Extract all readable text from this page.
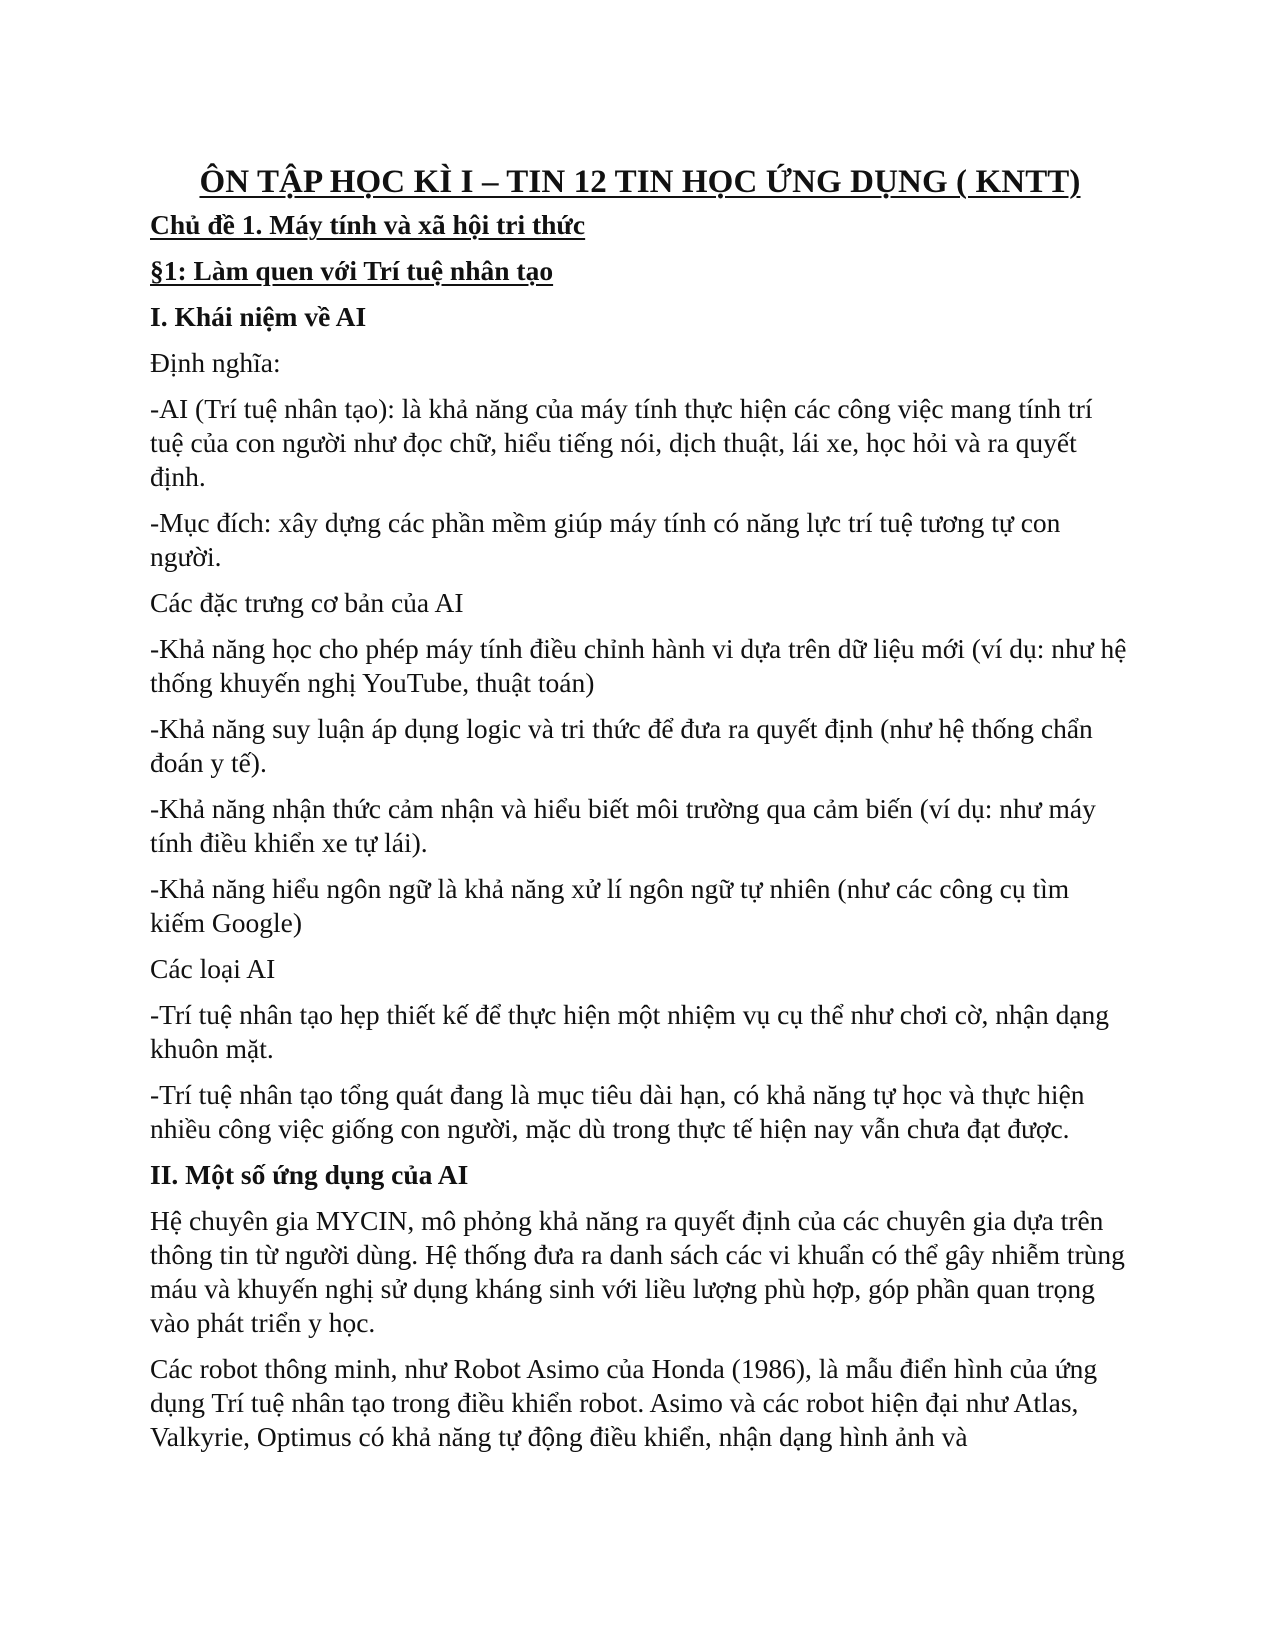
ÔN TẬP HỌC KÌ I – TIN 12 TIN HỌC ỨNG DỤNG ( KNTT)
Chủ đề 1. Máy tính và xã hội tri thức
§1: Làm quen với Trí tuệ nhân tạo
I. Khái niệm về AI
Định nghĩa:
-AI (Trí tuệ nhân tạo): là khả năng của máy tính thực hiện các công việc mang tính trí tuệ của con người như đọc chữ, hiểu tiếng nói, dịch thuật, lái xe, học hỏi và ra quyết định.
-Mục đích: xây dựng các phần mềm giúp máy tính có năng lực trí tuệ tương tự con người.
Các đặc trưng cơ bản của AI
-Khả năng học cho phép máy tính điều chỉnh hành vi dựa trên dữ liệu mới (ví dụ: như hệ thống khuyến nghị YouTube, thuật toán)
-Khả năng suy luận áp dụng logic và tri thức để đưa ra quyết định (như hệ thống chẩn đoán y tế).
-Khả năng nhận thức cảm nhận và hiểu biết môi trường qua cảm biến (ví dụ: như máy tính điều khiển xe tự lái).
-Khả năng hiểu ngôn ngữ là khả năng xử lí ngôn ngữ tự nhiên (như các công cụ tìm kiếm Google)
Các loại AI
-Trí tuệ nhân tạo hẹp thiết kế để thực hiện một nhiệm vụ cụ thể như chơi cờ, nhận dạng khuôn mặt.
-Trí tuệ nhân tạo tổng quát đang là mục tiêu dài hạn, có khả năng tự học và thực hiện nhiều công việc giống con người, mặc dù trong thực tế hiện nay vẫn chưa đạt được.
II. Một số ứng dụng của AI
Hệ chuyên gia MYCIN, mô phỏng khả năng ra quyết định của các chuyên gia dựa trên thông tin từ người dùng. Hệ thống đưa ra danh sách các vi khuẩn có thể gây nhiễm trùng máu và khuyến nghị sử dụng kháng sinh với liều lượng phù hợp, góp phần quan trọng vào phát triển y học.
Các robot thông minh, như Robot Asimo của Honda (1986), là mẫu điển hình của ứng dụng Trí tuệ nhân tạo trong điều khiển robot. Asimo và các robot hiện đại như Atlas, Valkyrie, Optimus có khả năng tự động điều khiển, nhận dạng hình ảnh và
